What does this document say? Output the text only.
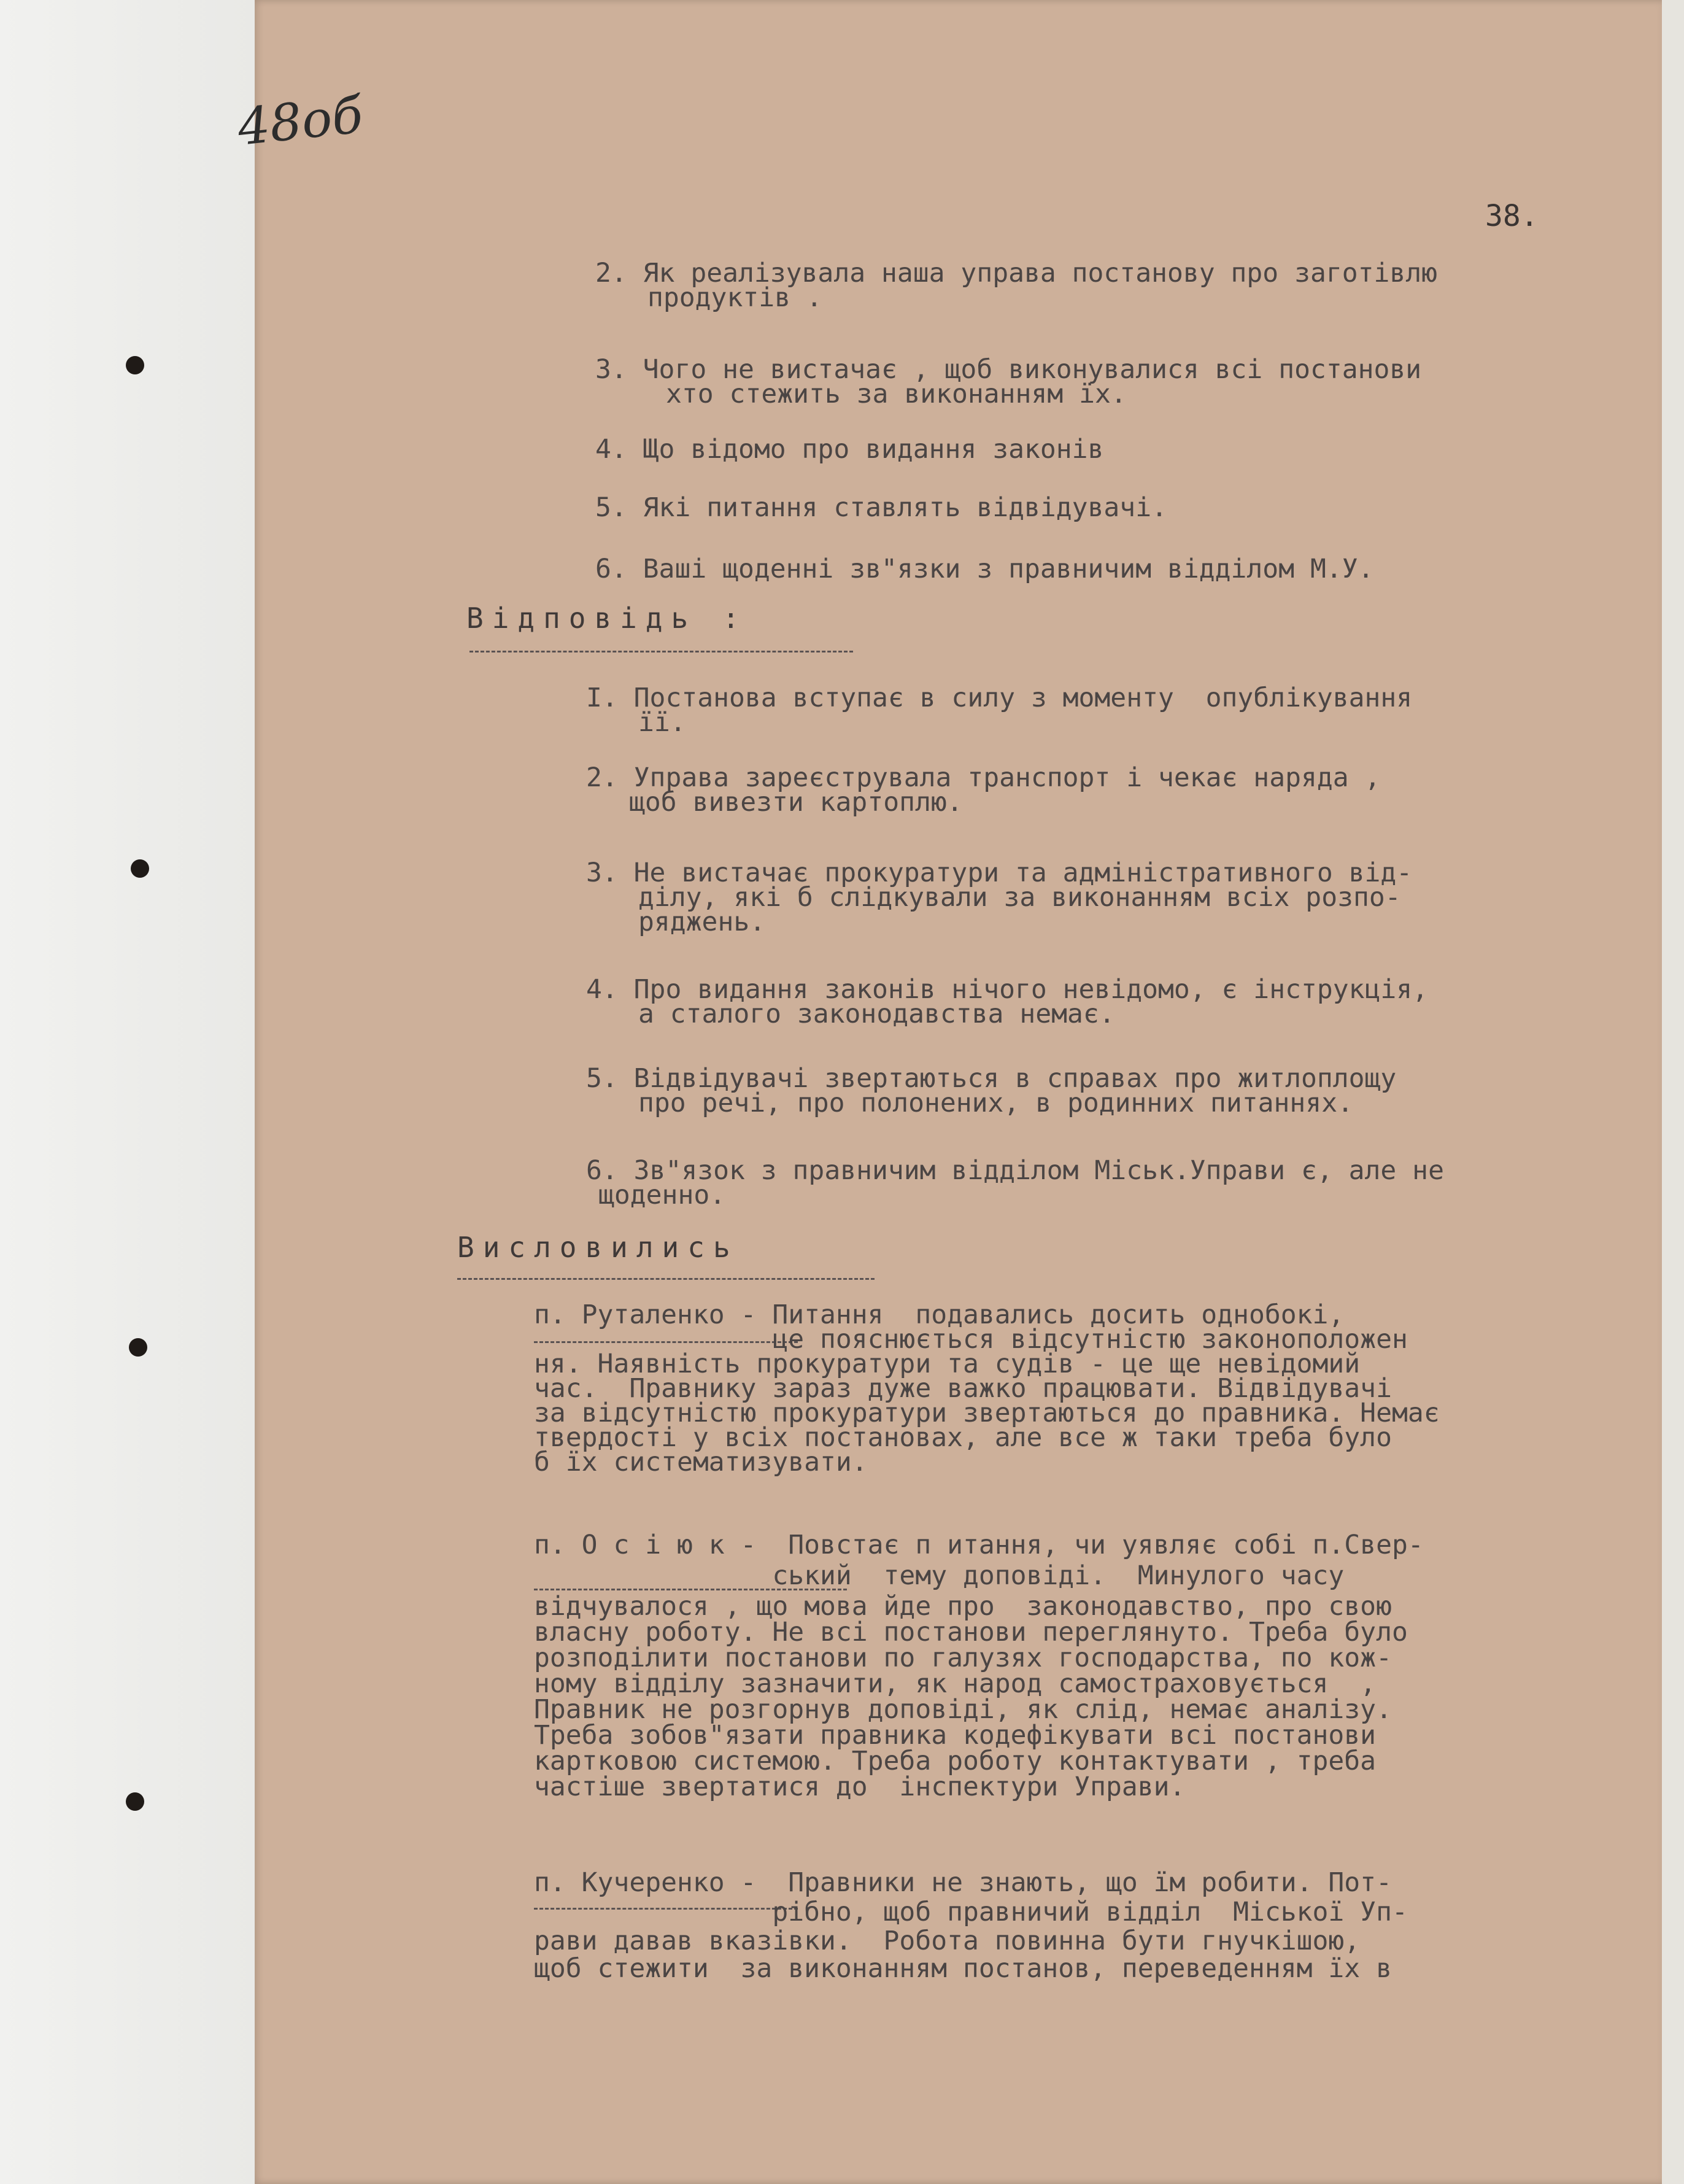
48об
38.
2. Як реалізувала наша управа постанову про заготівлю
продуктів .
3. Чого не вистачає , щоб виконувалися всі постанови
хто стежить за виконанням їх.
4. Що відомо про видання законів
5. Які питання ставлять відвідувачі.
6. Ваші щоденні зв"язки з правничим відділом М.У.
Відповідь :
I. Постанова вступає в силу з моменту  опублікування
її.
2. Управа зареєструвала транспорт і чекає наряда ,
щоб вивезти картоплю.
3. Не вистачає прокуратури та адміністративного від-
ділу, які б слідкували за виконанням всіх розпо-
ряджень.
4. Про видання законів нічого невідомо, є інструкція,
а сталого законодавства немає.
5. Відвідувачі звертаються в справах про житлоплощу
про речі, про полонених, в родинних питаннях.
6. Зв"язок з правничим відділом Міськ.Управи є, але не
щоденно.
Висловились
п. Руталенко - Питання  подавались досить однобокі,
це пояснюється відсутністю законоположен
ня. Наявність прокуратури та судів - це ще невідомий
час.  Правнику зараз дуже важко працювати. Відвідувачі
за відсутністю прокуратури звертаються до правника. Немає
твердості у всіх постановах, але все ж таки треба було
б їх систематизувати.
п. О с і ю к -  Повстає п итання, чи уявляє собі п.Свер-
ський  тему доповіді.  Минулого часу
відчувалося , що мова йде про  законодавство, про свою
власну роботу. Не всі постанови переглянуто. Треба було
розподілити постанови по галузях господарства, по кож-
ному відділу зазначити, як народ самостраховується  ,
Правник не розгорнув доповіді, як слід, немає аналізу.
Треба зобов"язати правника кодефікувати всі постанови
картковою системою. Треба роботу контактувати , треба
частіше звертатися до  інспектури Управи.
п. Кучеренко -  Правники не знають, що їм робити. Пот-
рібно, щоб правничий відділ  Міської Уп-
рави давав вказівки.  Робота повинна бути гнучкішою,
щоб стежити  за виконанням постанов, переведенням їх в
